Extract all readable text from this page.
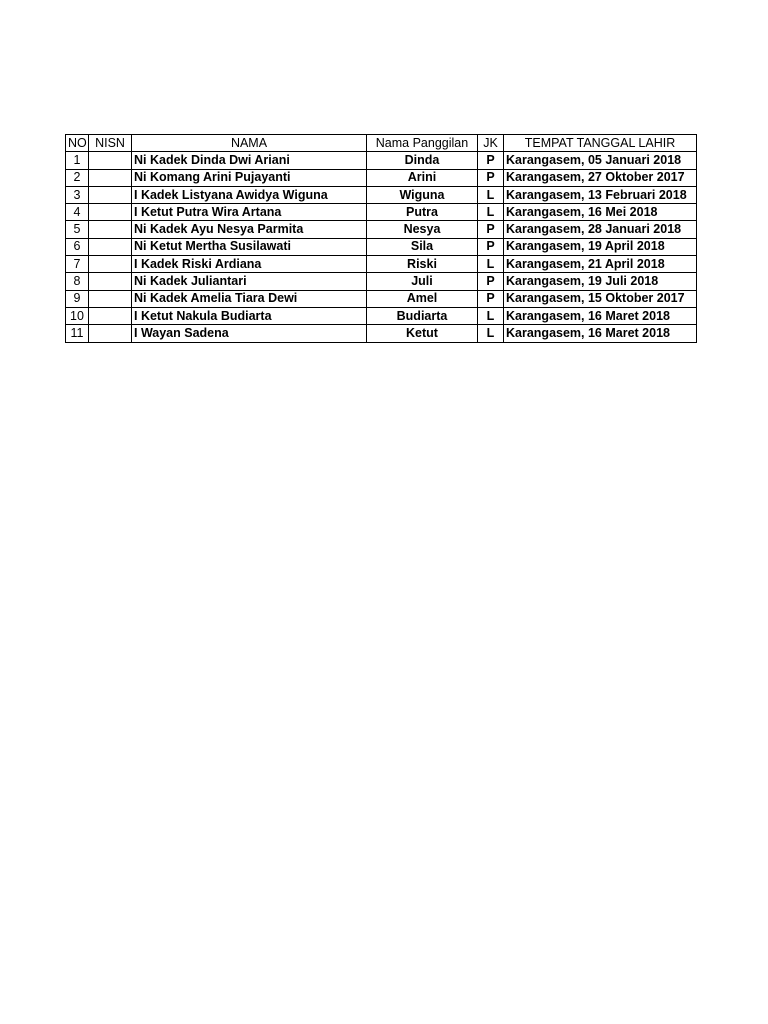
NO	NISN	NAMA	Nama Panggilan	JK	TEMPAT TANGGAL LAHIR
1		Ni Kadek Dinda Dwi Ariani	Dinda	P	Karangasem, 05 Januari 2018
2		Ni Komang Arini Pujayanti	Arini	P	Karangasem, 27 Oktober 2017
3		I Kadek Listyana Awidya Wiguna	Wiguna	L	Karangasem, 13 Februari 2018
4		I Ketut Putra Wira Artana	Putra	L	Karangasem, 16 Mei 2018
5		Ni Kadek Ayu Nesya Parmita	Nesya	P	Karangasem, 28 Januari 2018
6		Ni Ketut Mertha Susilawati	Sila	P	Karangasem, 19 April 2018
7		I Kadek Riski Ardiana	Riski	L	Karangasem, 21 April 2018
8		Ni Kadek Juliantari	Juli	P	Karangasem, 19 Juli 2018
9		Ni Kadek Amelia Tiara Dewi	Amel	P	Karangasem, 15 Oktober 2017
10		I Ketut Nakula Budiarta	Budiarta	L	Karangasem, 16 Maret 2018
11		I Wayan Sadena	Ketut	L	Karangasem, 16 Maret 2018
